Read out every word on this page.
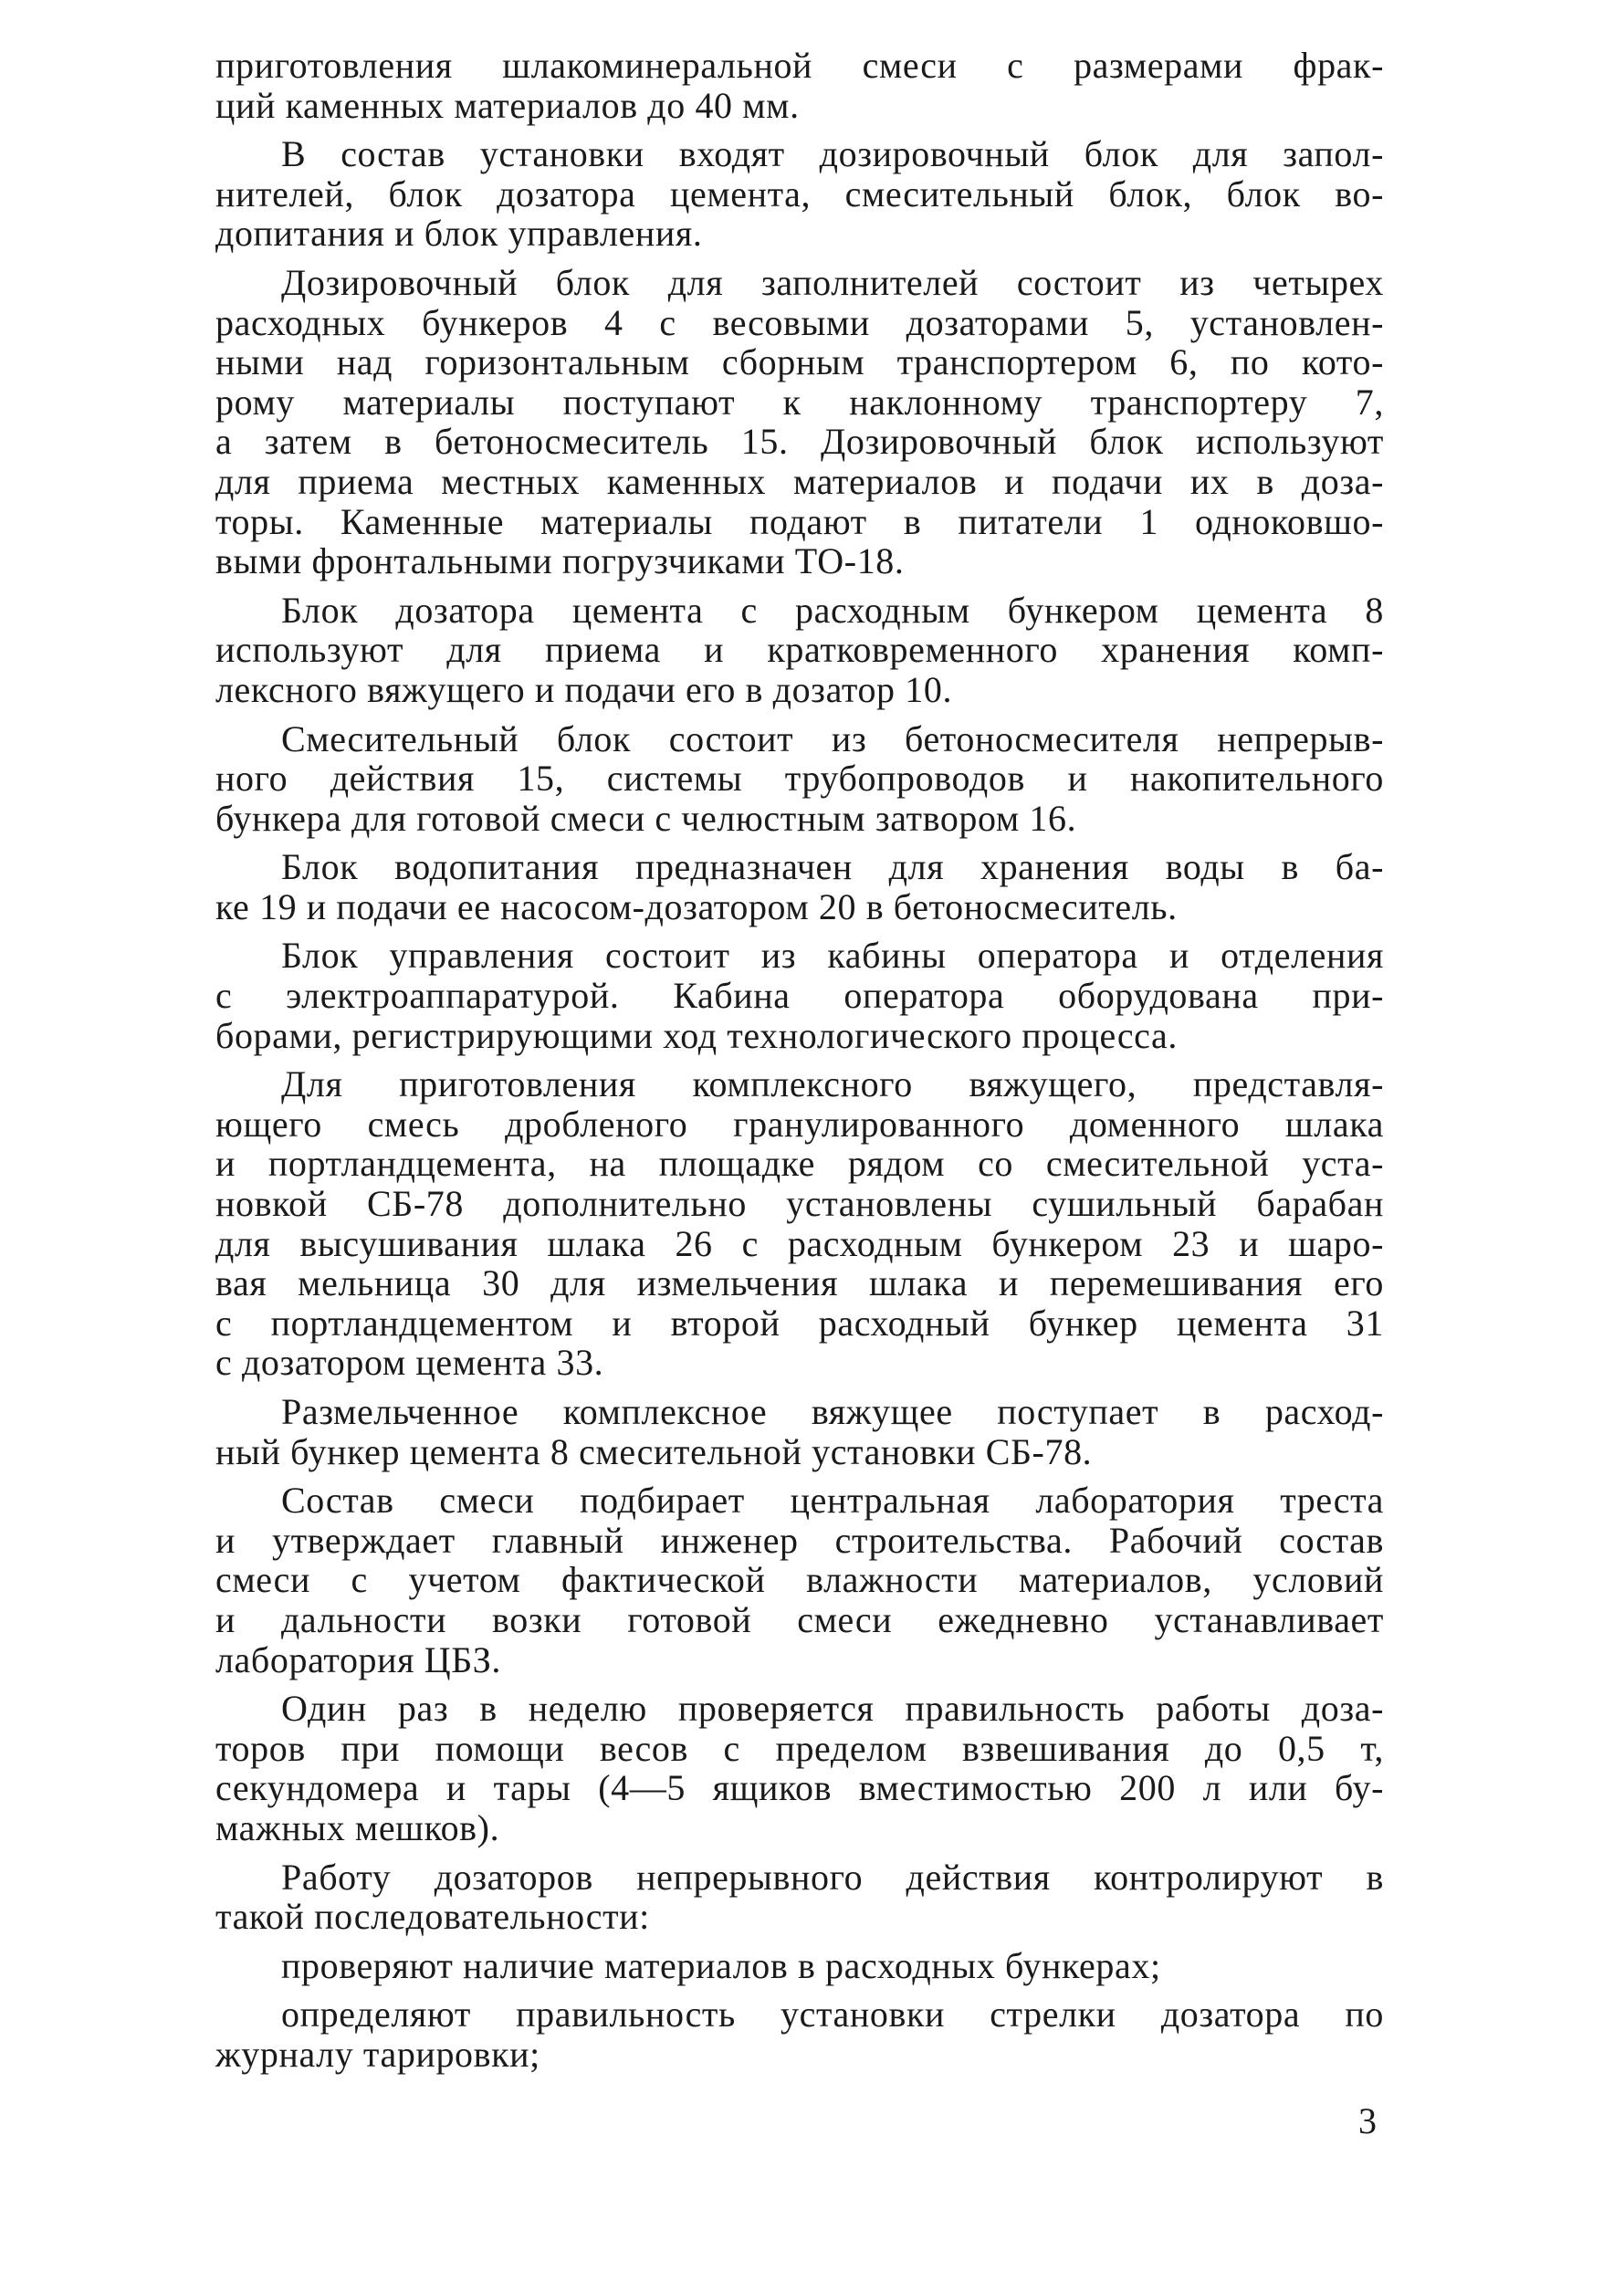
приготовления шлакоминеральной смеси с размерами фрак-
ций каменных материалов до 40 мм.
В состав установки входят дозировочный блок для запол-
нителей, блок дозатора цемента, смесительный блок, блок во-
допитания и блок управления.
Дозировочный блок для заполнителей состоит из четырех
расходных бункеров 4 с весовыми дозаторами 5, установлен-
ными над горизонтальным сборным транспортером 6, по кото-
рому материалы поступают к наклонному транспортеру 7,
а затем в бетоносмеситель 15. Дозировочный блок используют
для приема местных каменных материалов и подачи их в доза-
торы. Каменные материалы подают в питатели 1 одноковшо-
выми фронтальными погрузчиками ТО-18.
Блок дозатора цемента с расходным бункером цемента 8
используют для приема и кратковременного хранения комп-
лексного вяжущего и подачи его в дозатор 10.
Смесительный блок состоит из бетоносмесителя непрерыв-
ного действия 15, системы трубопроводов и накопительного
бункера для готовой смеси с челюстным затвором 16.
Блок водопитания предназначен для хранения воды в ба-
ке 19 и подачи ее насосом-дозатором 20 в бетоносмеситель.
Блок управления состоит из кабины оператора и отделения
с электроаппаратурой. Кабина оператора оборудована при-
борами, регистрирующими ход технологического процесса.
Для приготовления комплексного вяжущего, представля-
ющего смесь дробленого гранулированного доменного шлака
и портландцемента, на площадке рядом со смесительной уста-
новкой СБ-78 дополнительно установлены сушильный барабан
для высушивания шлака 26 с расходным бункером 23 и шаро-
вая мельница 30 для измельчения шлака и перемешивания его
с портландцементом и второй расходный бункер цемента 31
с дозатором цемента 33.
Размельченное комплексное вяжущее поступает в расход-
ный бункер цемента 8 смесительной установки СБ-78.
Состав смеси подбирает центральная лаборатория треста
и утверждает главный инженер строительства. Рабочий состав
смеси с учетом фактической влажности материалов, условий
и дальности возки готовой смеси ежедневно устанавливает
лаборатория ЦБЗ.
Один раз в неделю проверяется правильность работы доза-
торов при помощи весов с пределом взвешивания до 0,5 т,
секундомера и тары (4—5 ящиков вместимостью 200 л или бу-
мажных мешков).
Работу дозаторов непрерывного действия контролируют в
такой последовательности:
проверяют наличие материалов в расходных бункерах;
определяют правильность установки стрелки дозатора по
журналу тарировки;
3
